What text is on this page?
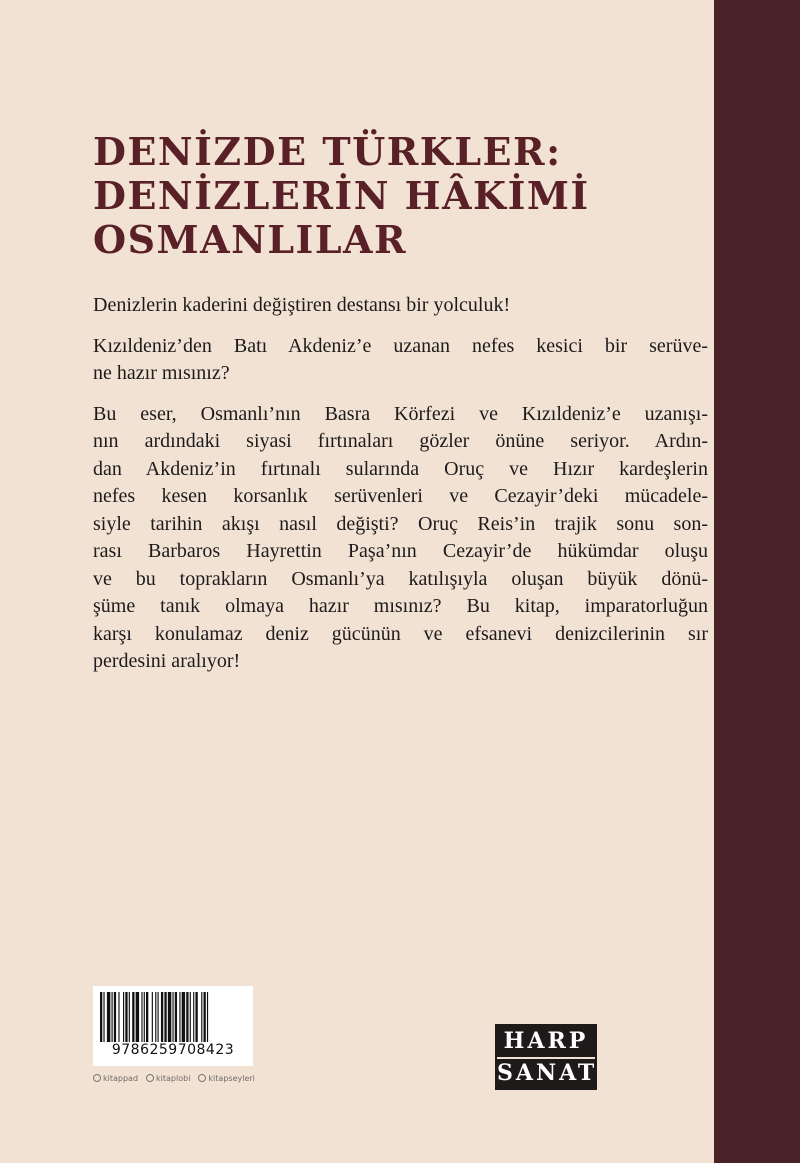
DENİZDE TÜRKLER:
DENİZLERİN HÂKİMİ
OSMANLILAR

Denizlerin kaderini değiştiren destansı bir yolculuk!

Kızıldeniz’den Batı Akdeniz’e uzanan nefes kesici bir serüve-
ne hazır mısınız?

Bu eser, Osmanlı’nın Basra Körfezi ve Kızıldeniz’e uzanışı-
nın ardındaki siyasi fırtınaları gözler önüne seriyor. Ardın-
dan Akdeniz’in fırtınalı sularında Oruç ve Hızır kardeşlerin
nefes kesen korsanlık serüvenleri ve Cezayir’deki mücadele-
siyle tarihin akışı nasıl değişti? Oruç Reis’in trajik sonu son-
rası Barbaros Hayrettin Paşa’nın Cezayir’de hükümdar oluşu
ve bu toprakların Osmanlı’ya katılışıyla oluşan büyük dönü-
şüme tanık olmaya hazır mısınız? Bu kitap, imparatorluğun
karşı konulamaz deniz gücünün ve efsanevi denizcilerinin sır
perdesini aralıyor!

9786259708423
kitappad kitaplobi kitapseyleri
HARP
SANAT
